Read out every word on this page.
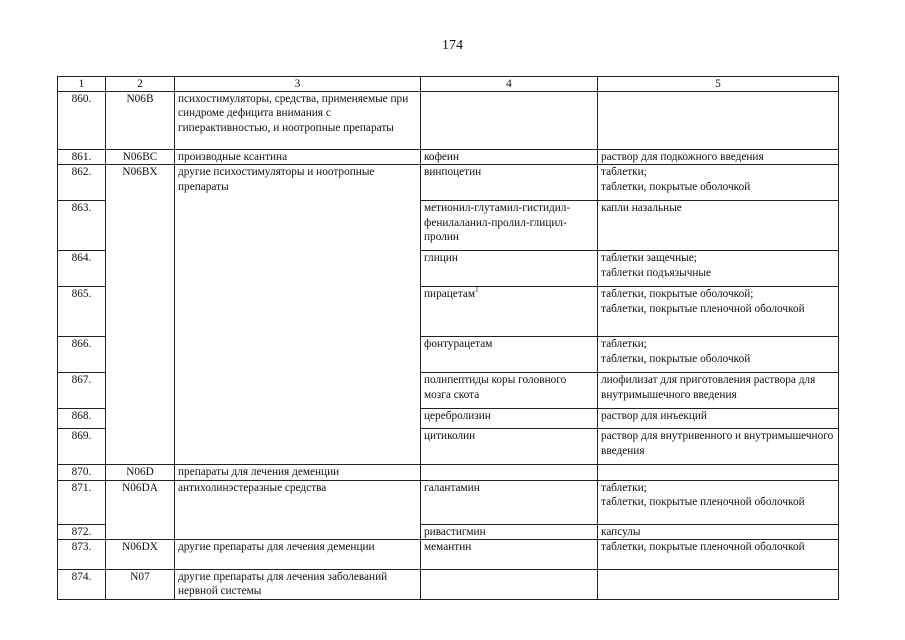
174
1	2	3	4	5
860.	N06B	психостимуляторы, средства, применяемые при синдроме дефицита внимания с гиперактивностью, и ноотропные препараты		
861.	N06BC	производные ксантина	кофеин	раствор для подкожного введения
862.	N06BX	другие психостимуляторы и ноотропные препараты	винпоцетин	таблетки;
таблетки, покрытые оболочкой

863.			метионил-глутамил-гистидил-фенилаланил-пролил-глицил-пролин	капли назальные
864.			глицин	таблетки защечные;
таблетки подъязычные

865.			пирацетам$^1$	таблетки, покрытые оболочкой;
таблетки, покрытые пленочной оболочкой

866.			фонтурацетам	таблетки;
таблетки, покрытые оболочкой

867.			полипептиды коры головного мозга скота	лиофилизат для приготовления раствора для внутримышечного введения
868.			церебролизин	раствор для инъекций
869.			цитиколин	раствор для внутривенного и внутримышечного введения
870.	N06D	препараты для лечения деменции		
871.	N06DA	антихолинэстеразные средства	галантамин	таблетки;
таблетки, покрытые пленочной оболочкой

872.			ривастигмин	капсулы
873.	N06DX	другие препараты для лечения деменции	мемантин	таблетки, покрытые пленочной оболочкой
874.	N07	другие препараты для лечения заболеваний нервной системы		
